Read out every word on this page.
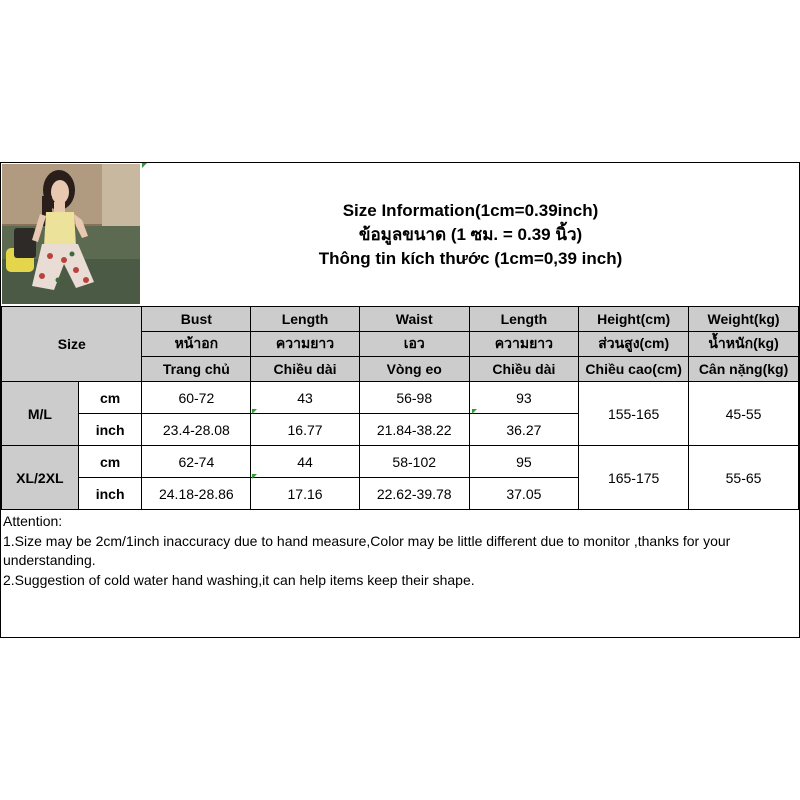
Size Information(1cm=0.39inch)
ข้อมูลขนาด (1 ซม. = 0.39 นิ้ว)
Thông tin kích thước (1cm=0,39 inch)
Size		Bust	Length	Waist	Length	Height(cm)	Weight(kg)
		หน้าอก	ความยาว	เอว	ความยาว	ส่วนสูง(cm)	น้ำหนัก(kg)
		Trang chủ	Chiều dài	Vòng eo	Chiều dài	Chiều cao(cm)	Cân nặng(kg)
M/L	cm	60-72	43	56-98	93	155-165	45-55
	inch	23.4-28.08	16.77	21.84-38.22	36.27		
XL/2XL	cm	62-74	44	58-102	95	165-175	55-65
	inch	24.18-28.86	17.16	22.62-39.78	37.05		

Attention:

1.Size may be 2cm/1inch inaccuracy due to hand measure,Color may be little different due to monitor ,thanks for your understanding.

2.Suggestion of cold water hand washing,it can help items keep their shape.
